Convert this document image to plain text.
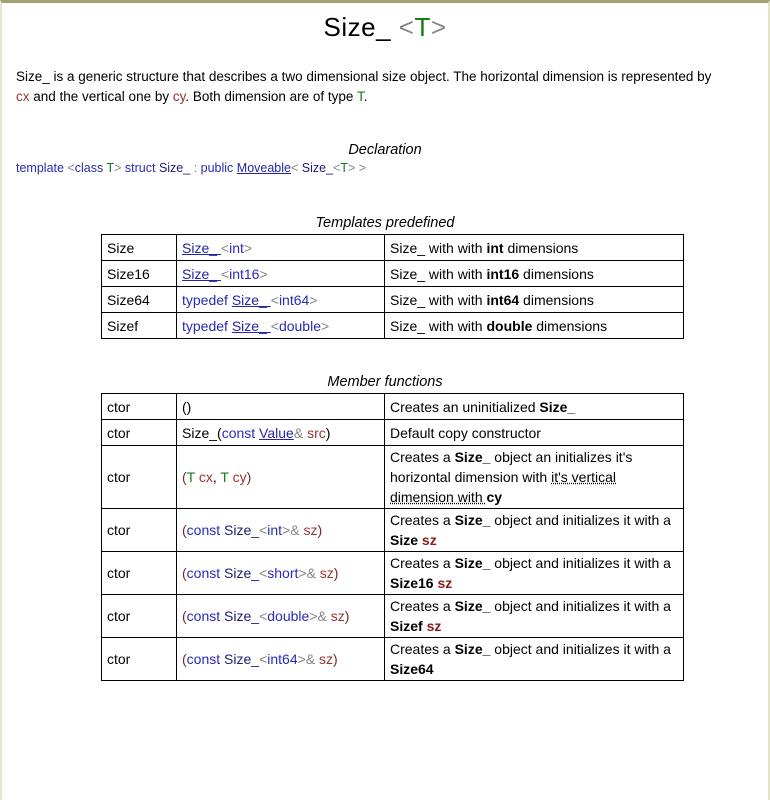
Size_ <T>
Size_ is a generic structure that describes a two dimensional size object. The horizontal dimension is represented by cx and the vertical one by cy. Both dimension are of type T.
Declaration
template <class T> struct Size_ : public Moveable< Size_<T> >
Templates predefined
Size	Size_ <int>	Size_ with with int dimensions
Size16	Size_ <int16>	Size_ with with int16 dimensions
Size64	typedef Size_ <int64>	Size_ with with int64 dimensions
Sizef	typedef Size_ <double>	Size_ with with double dimensions
Member functions
ctor	()	Creates an uninitialized Size_
ctor	Size_(const Value& src)	Default copy constructor
ctor	(T cx, T cy)	Creates a Size_ object an initializes it's horizontal dimension with it's vertical dimension with cy
ctor	(const Size_<int>& sz)	Creates a Size_ object and initializes it with a Size sz
ctor	(const Size_<short>& sz)	Creates a Size_ object and initializes it with a Size16 sz
ctor	(const Size_<double>& sz)	Creates a Size_ object and initializes it with a Sizef sz
ctor	(const Size_<int64>& sz)	Creates a Size_ object and initializes it with a Size64
